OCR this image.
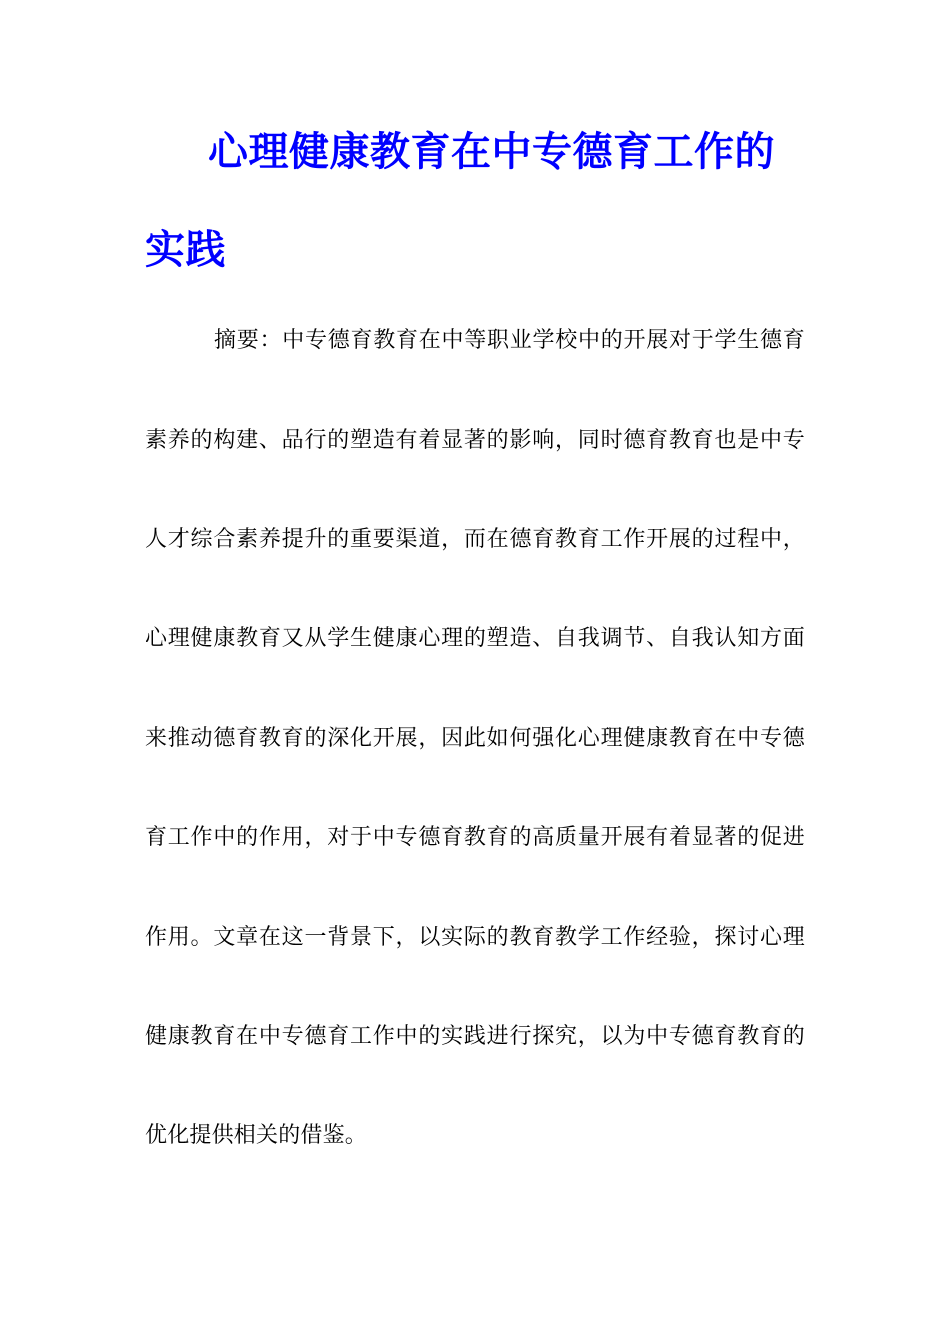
心理健康教育在中专德育工作的
实践
摘要：中专德育教育在中等职业学校中的开展对于学生德育
素养的构建、品行的塑造有着显著的影响，同时德育教育也是中专
人才综合素养提升的重要渠道，而在德育教育工作开展的过程中，
心理健康教育又从学生健康心理的塑造、自我调节、自我认知方面
来推动德育教育的深化开展，因此如何强化心理健康教育在中专德
育工作中的作用，对于中专德育教育的高质量开展有着显著的促进
作用。文章在这一背景下，以实际的教育教学工作经验，探讨心理
健康教育在中专德育工作中的实践进行探究，以为中专德育教育的
优化提供相关的借鉴。
